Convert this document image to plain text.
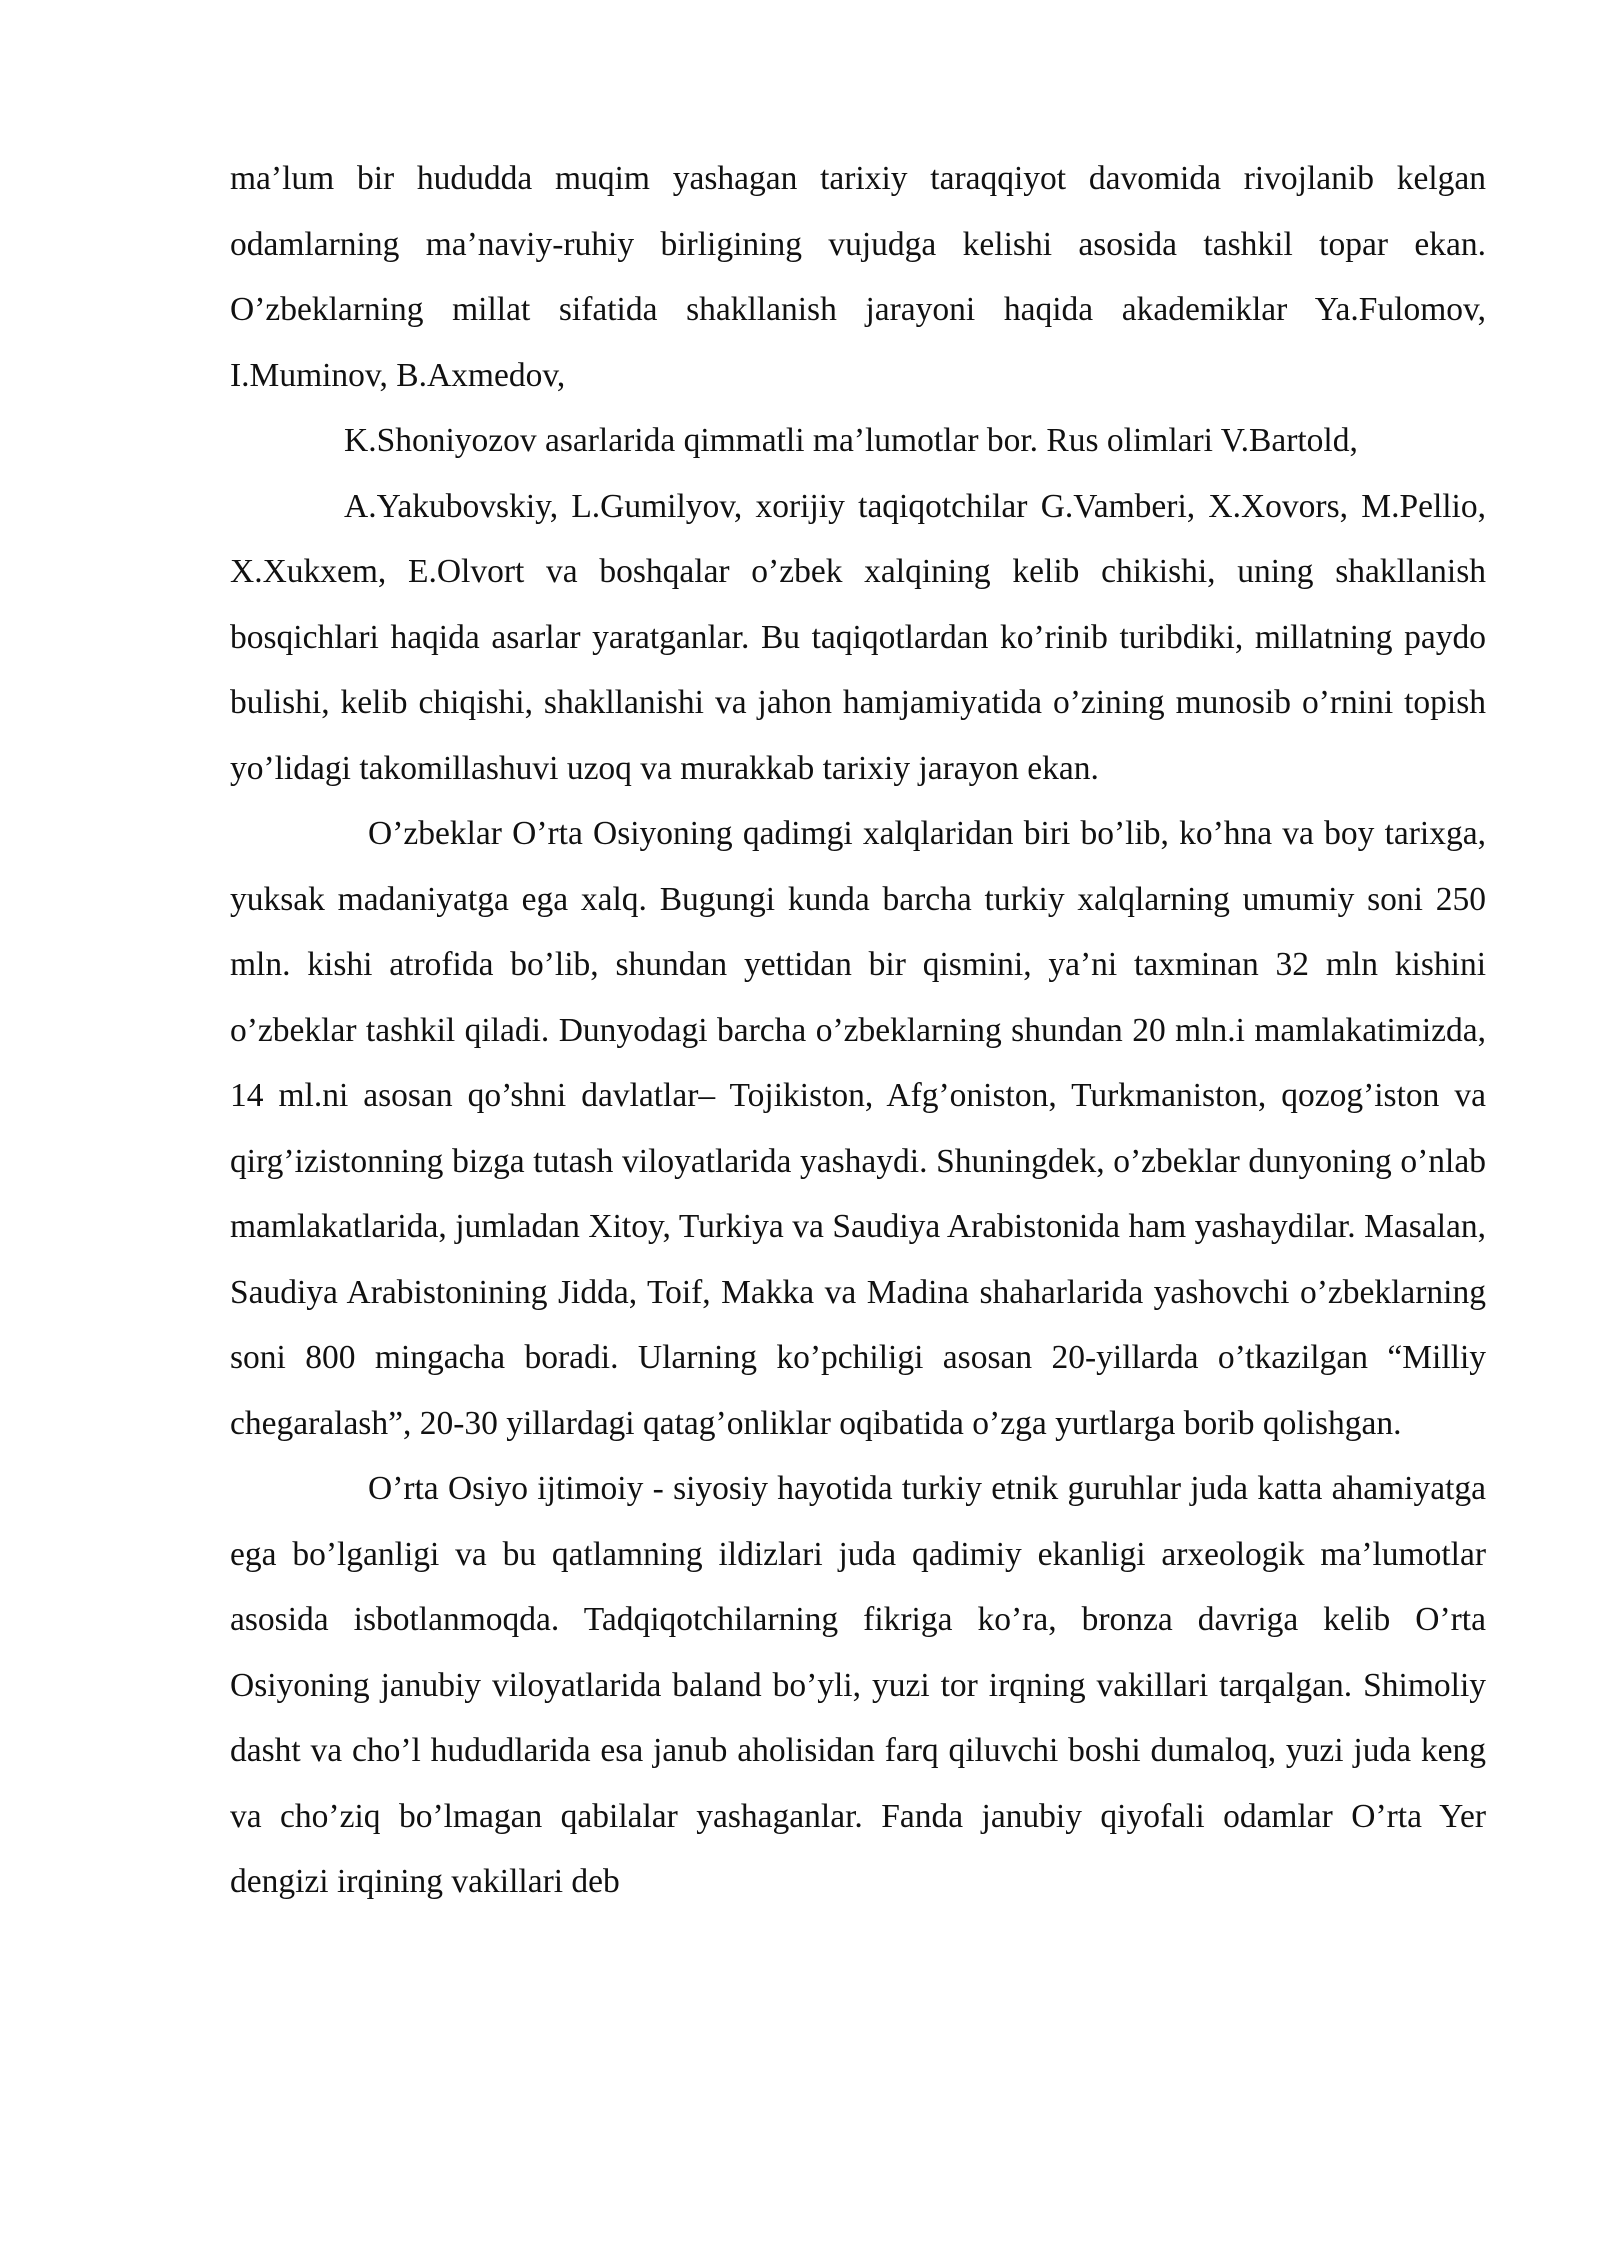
ma’lum bir hududda muqim yashagan tarixiy taraqqiyot davomida rivojlanib kelgan odamlarning ma’naviy-ruhiy birligining vujudga kelishi asosida tashkil topar ekan. O’zbeklarning millat sifatida shakllanish jarayoni haqida akademiklar Ya.Fulomov, I.Muminov, B.Axmedov,

K.Shoniyozov asarlarida qimmatli ma’lumotlar bor. Rus olimlari V.Bartold,

A.Yakubovskiy, L.Gumilyov, xorijiy taqiqotchilar G.Vamberi, X.Xovors, M.Pellio, X.Xukxem, E.Olvort va boshqalar o’zbek xalqining kelib chikishi, uning shakllanish bosqichlari haqida asarlar yaratganlar. Bu taqiqotlardan ko’rinib turibdiki, millatning paydo bulishi, kelib chiqishi, shakllanishi va jahon hamjamiyatida o’zining munosib o’rnini topish yo’lidagi takomillashuvi uzoq va murakkab tarixiy jarayon ekan.

O’zbeklar O’rta Osiyoning qadimgi xalqlaridan biri bo’lib, ko’hna va boy tarixga, yuksak madaniyatga ega xalq. Bugungi kunda barcha turkiy xalqlarning umumiy soni 250 mln. kishi atrofida bo’lib, shundan yettidan bir qismini, ya’ni taxminan 32 mln kishini o’zbeklar tashkil qiladi. Dunyodagi barcha o’zbeklarning shundan 20 mln.i mamlakatimizda, 14 ml.ni asosan qo’shni davlatlar– Tojikiston, Afg’oniston, Turkmaniston, qozog’iston va qirg’izistonning bizga tutash viloyatlarida yashaydi. Shuningdek, o’zbeklar dunyoning o’nlab mamlakatlarida, jumladan Xitoy, Turkiya va Saudiya Arabistonida ham yashaydilar. Masalan, Saudiya Arabistonining Jidda, Toif, Makka va Madina shaharlarida yashovchi o’zbeklarning soni 800 mingacha boradi. Ularning ko’pchiligi asosan 20-yillarda o’tkazilgan “Milliy chegaralash”, 20-30 yillardagi qatag’onliklar oqibatida o’zga yurtlarga borib qolishgan.

O’rta Osiyo ijtimoiy - siyosiy hayotida turkiy etnik guruhlar juda katta ahamiyatga ega bo’lganligi va bu qatlamning ildizlari juda qadimiy ekanligi arxeologik ma’lumotlar asosida isbotlanmoqda. Tadqiqotchilarning fikriga ko’ra, bronza davriga kelib O’rta Osiyoning janubiy viloyatlarida baland bo’yli, yuzi tor irqning vakillari tarqalgan. Shimoliy dasht va cho’l hududlarida esa janub aholisidan farq qiluvchi boshi dumaloq, yuzi juda keng va cho’ziq bo’lmagan qabilalar yashaganlar. Fanda janubiy qiyofali odamlar O’rta Yer dengizi irqining vakillari deb
